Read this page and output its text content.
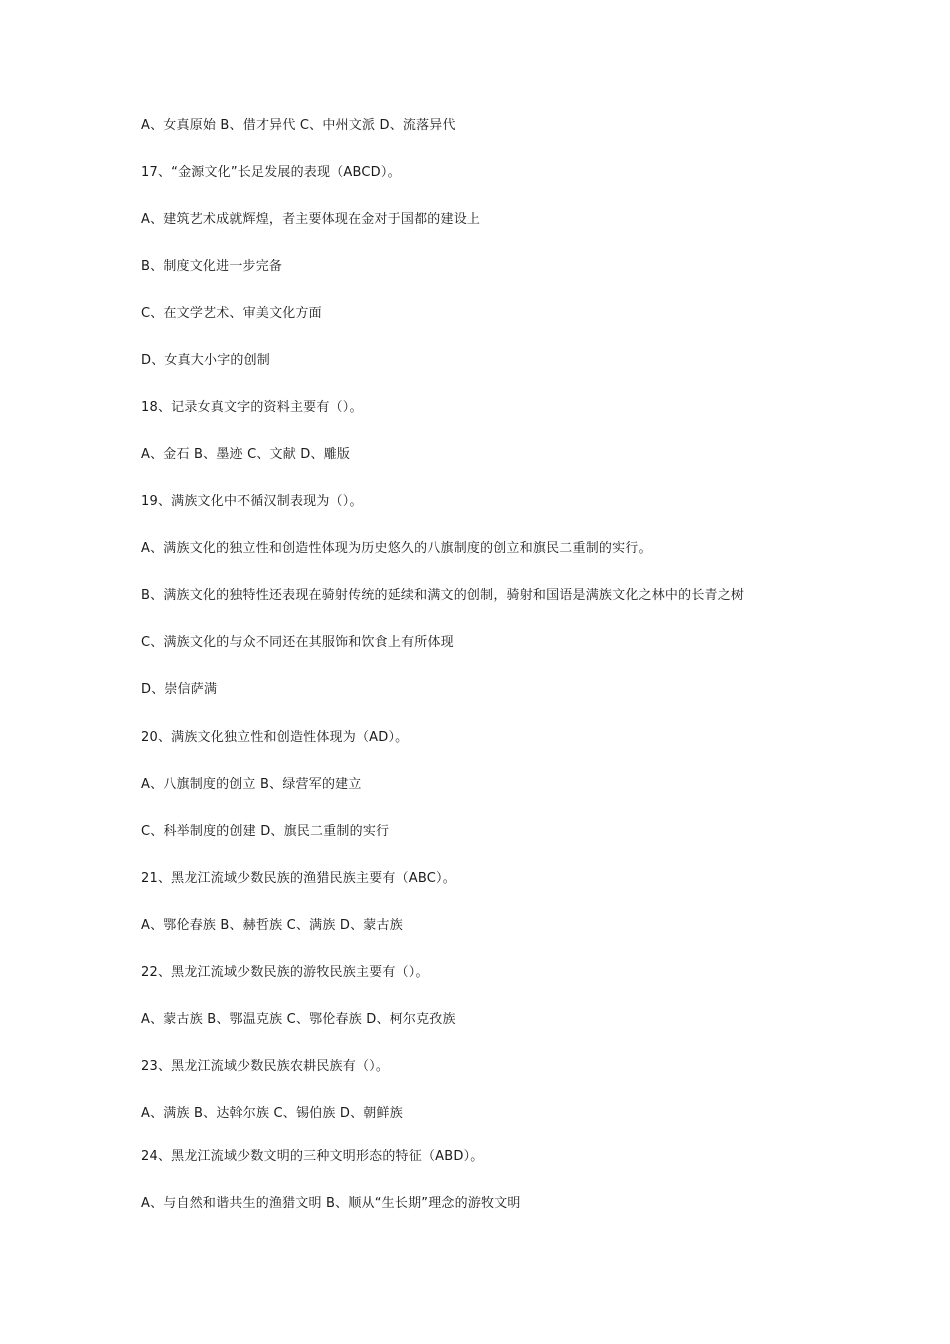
A、女真原始 B、借才异代 C、中州文派 D、流落异代
17、“金源文化”长足发展的表现（ABCD）。
A、建筑艺术成就辉煌，者主要体现在金对于国都的建设上
B、制度文化进一步完备
C、在文学艺术、审美文化方面
D、女真大小字的创制
18、记录女真文字的资料主要有（）。
A、金石 B、墨迹 C、文献 D、雕版
19、满族文化中不循汉制表现为（）。
A、满族文化的独立性和创造性体现为历史悠久的八旗制度的创立和旗民二重制的实行。
B、满族文化的独特性还表现在骑射传统的延续和满文的创制，骑射和国语是满族文化之林中的长青之树
C、满族文化的与众不同还在其服饰和饮食上有所体现
D、崇信萨满
20、满族文化独立性和创造性体现为（AD）。
A、八旗制度的创立 B、绿营军的建立
C、科举制度的创建 D、旗民二重制的实行
21、黑龙江流域少数民族的渔猎民族主要有（ABC）。
A、鄂伦春族 B、赫哲族 C、满族 D、蒙古族
22、黑龙江流域少数民族的游牧民族主要有（）。
A、蒙古族 B、鄂温克族 C、鄂伦春族 D、柯尔克孜族
23、黑龙江流域少数民族农耕民族有（）。
A、满族 B、达斡尔族 C、锡伯族 D、朝鲜族
24、黑龙江流域少数文明的三种文明形态的特征（ABD）。
A、与自然和谐共生的渔猎文明 B、顺从“生长期”理念的游牧文明
